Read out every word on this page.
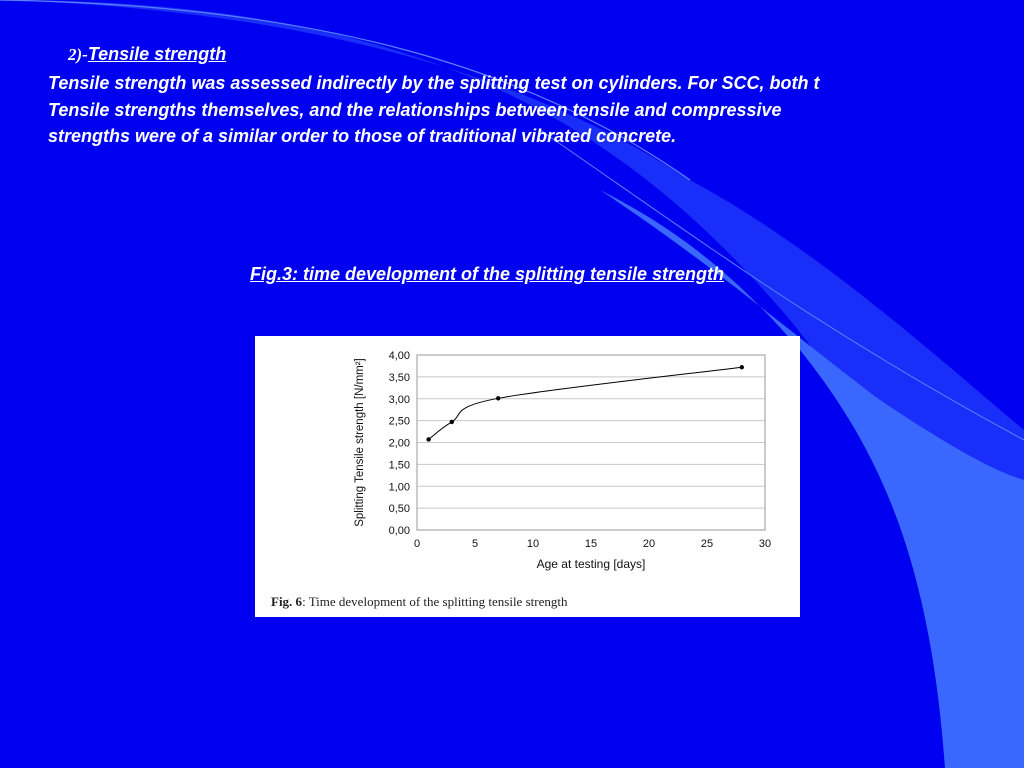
2)-Tensile strength
Tensile strength was assessed indirectly by the splitting test on cylinders. For SCC, both t
Tensile strengths themselves, and the relationships between tensile and compressive
strengths were of a similar order to those of traditional vibrated concrete.
Fig.3: time development of the splitting tensile strength
0,00
0,50
1,00
1,50
2,00
2,50
3,00
3,50
4,00
0	5	10	15	20	25	30
Age at testing [days]
Splitting Tensile strength [N/mm²]
Fig. 6: Time development of the splitting tensile strength
